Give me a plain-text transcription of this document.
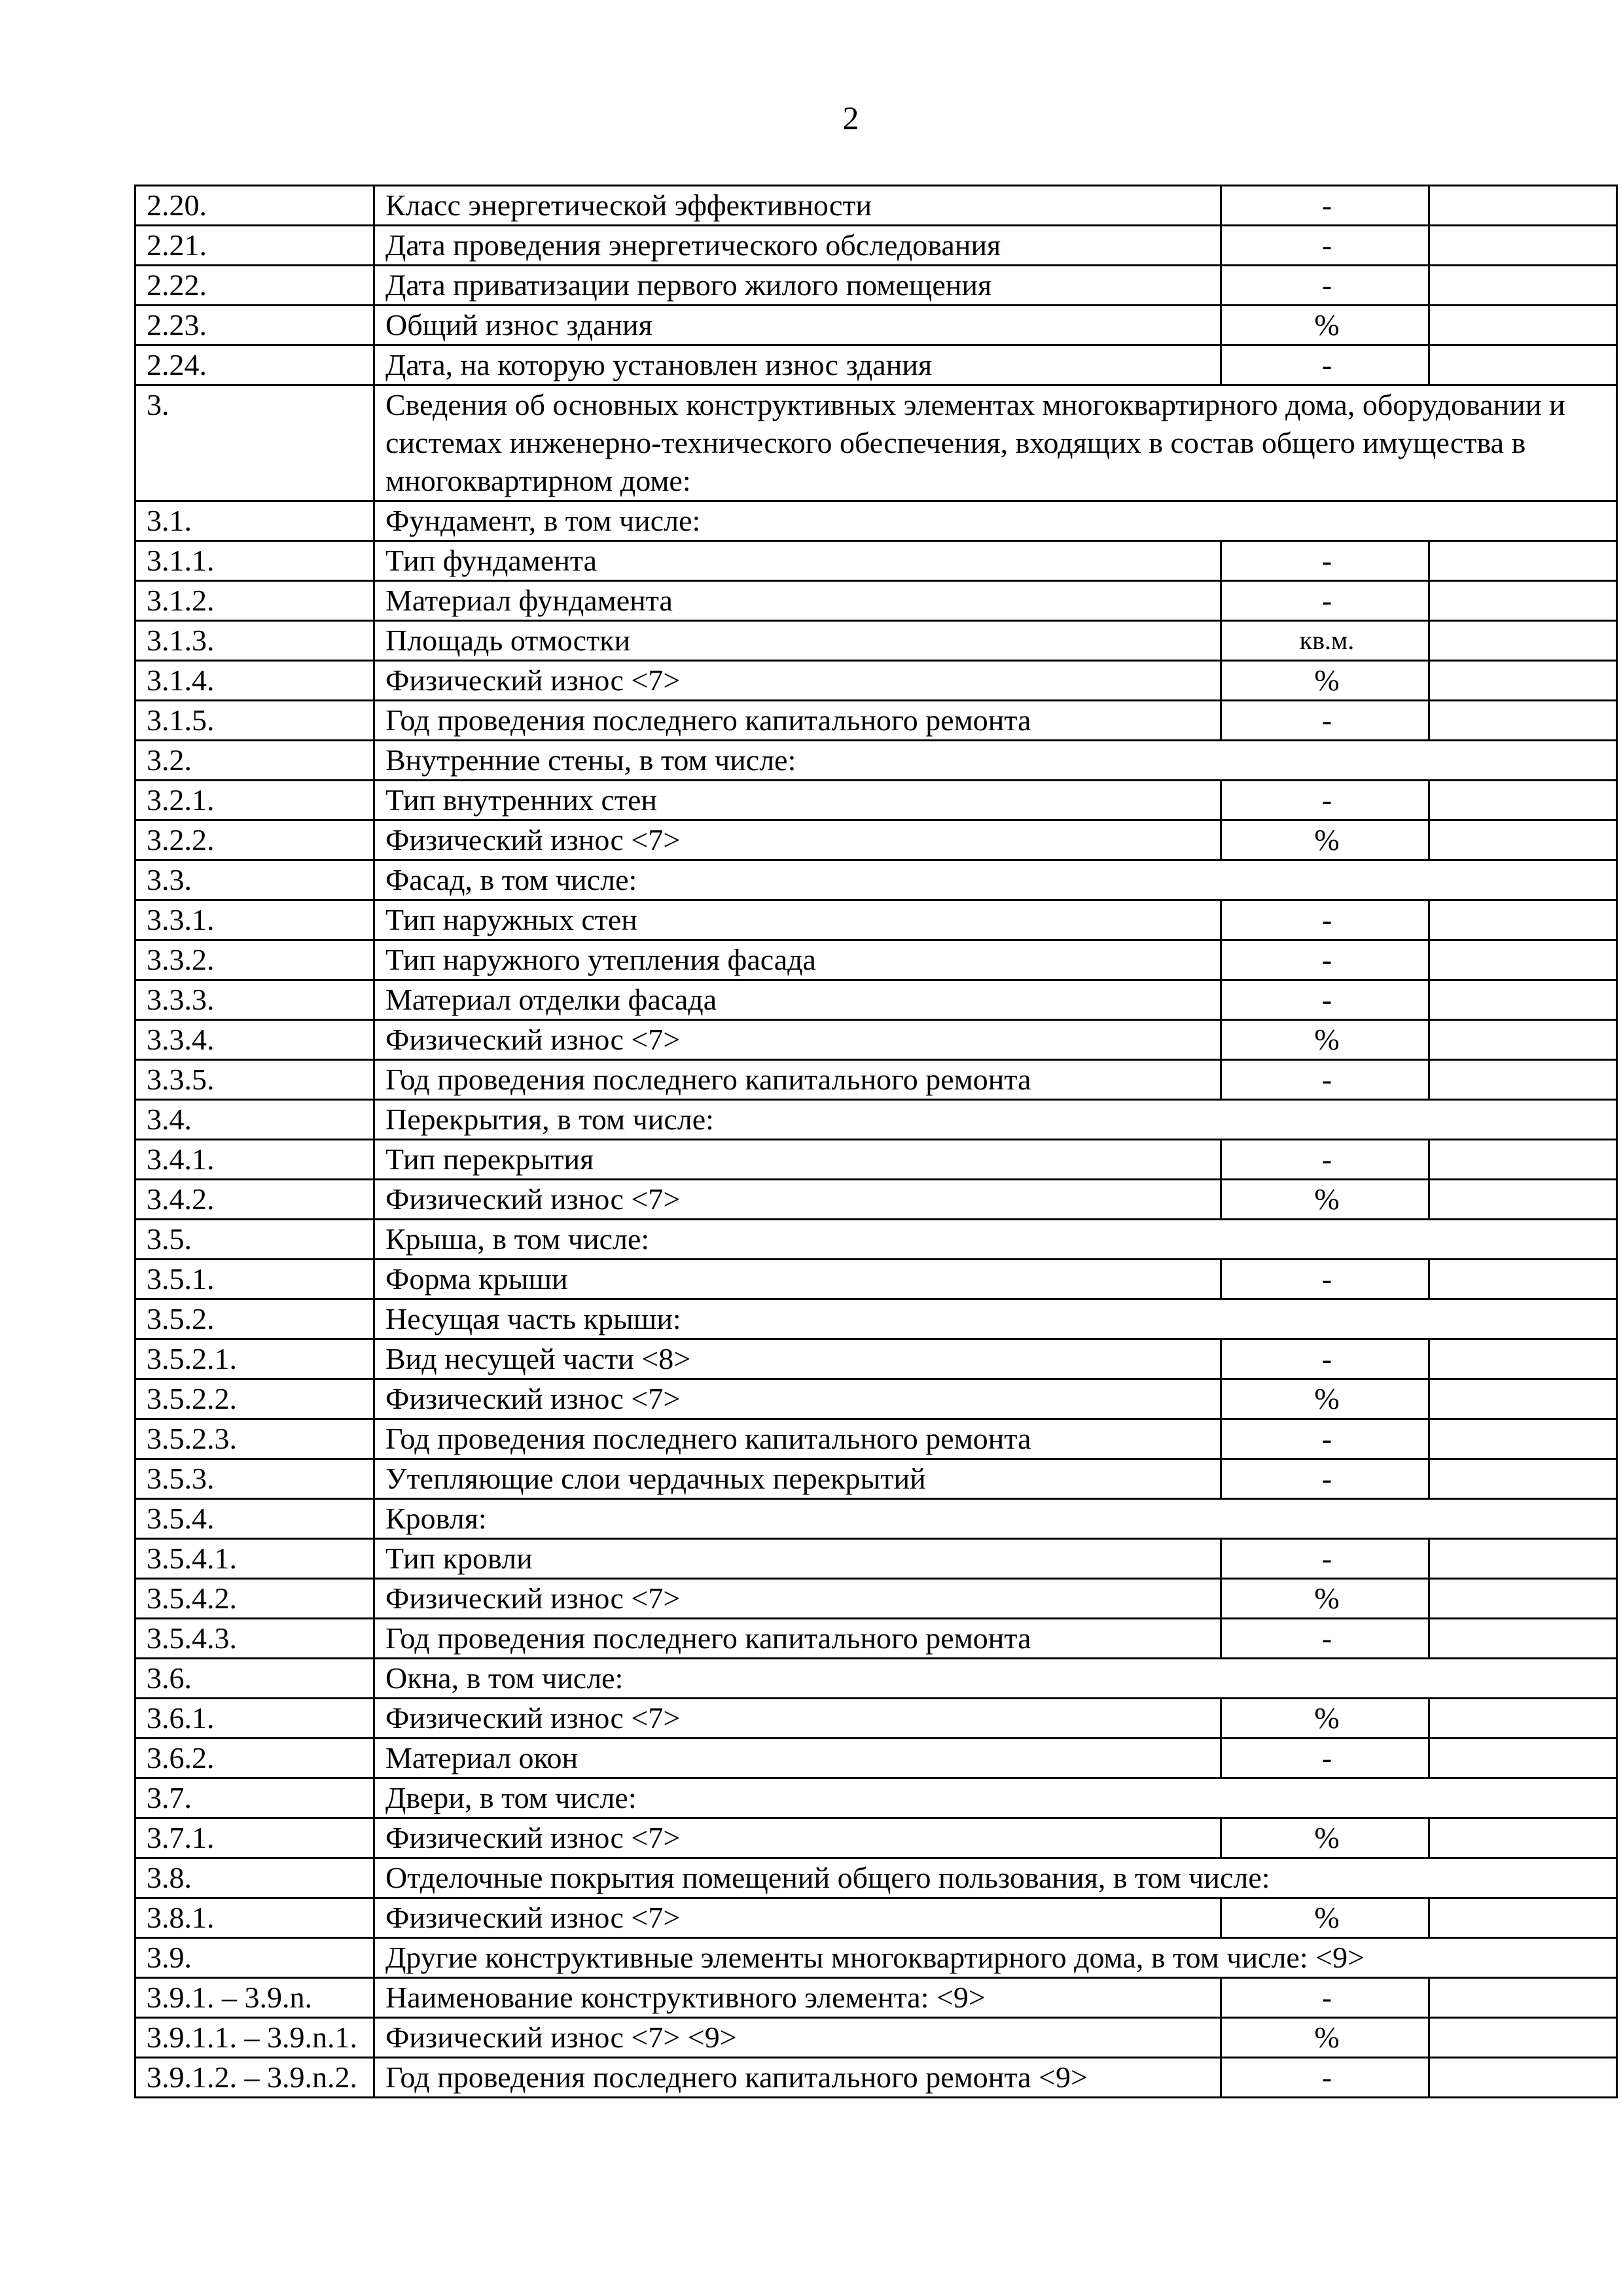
2
2.20.	Класс энергетической эффективности	-	
2.21.	Дата проведения энергетического обследования	-	
2.22.	Дата приватизации первого жилого помещения	-	
2.23.	Общий износ здания	%	
2.24.	Дата, на которую установлен износ здания	-	
3.	Сведения об основных конструктивных элементах многоквартирного дома, оборудовании и системах инженерно-технического обеспечения, входящих в состав общего имущества в многоквартирном доме:		
3.1.	Фундамент, в том числе:		
3.1.1.	Тип фундамента	-	
3.1.2.	Материал фундамента	-	
3.1.3.	Площадь отмостки	кв.м.	
3.1.4.	Физический износ <7>	%	
3.1.5.	Год проведения последнего капитального ремонта	-	
3.2.	Внутренние стены, в том числе:		
3.2.1.	Тип внутренних стен	-	
3.2.2.	Физический износ <7>	%	
3.3.	Фасад, в том числе:		
3.3.1.	Тип наружных стен	-	
3.3.2.	Тип наружного утепления фасада	-	
3.3.3.	Материал отделки фасада	-	
3.3.4.	Физический износ <7>	%	
3.3.5.	Год проведения последнего капитального ремонта	-	
3.4.	Перекрытия, в том числе:		
3.4.1.	Тип перекрытия	-	
3.4.2.	Физический износ <7>	%	
3.5.	Крыша, в том числе:		
3.5.1.	Форма крыши	-	
3.5.2.	Несущая часть крыши:		
3.5.2.1.	Вид несущей части <8>	-	
3.5.2.2.	Физический износ <7>	%	
3.5.2.3.	Год проведения последнего капитального ремонта	-	
3.5.3.	Утепляющие слои чердачных перекрытий	-	
3.5.4.	Кровля:		
3.5.4.1.	Тип кровли	-	
3.5.4.2.	Физический износ <7>	%	
3.5.4.3.	Год проведения последнего капитального ремонта	-	
3.6.	Окна, в том числе:		
3.6.1.	Физический износ <7>	%	
3.6.2.	Материал окон	-	
3.7.	Двери, в том числе:		
3.7.1.	Физический износ <7>	%	
3.8.	Отделочные покрытия помещений общего пользования, в том числе:		
3.8.1.	Физический износ <7>	%	
3.9.	Другие конструктивные элементы многоквартирного дома, в том числе: <9>		
3.9.1. – 3.9.n.	Наименование конструктивного элемента: <9>	-	
3.9.1.1. – 3.9.n.1.	Физический износ <7> <9>	%	
3.9.1.2. – 3.9.n.2.	Год проведения последнего капитального ремонта <9>	-	
